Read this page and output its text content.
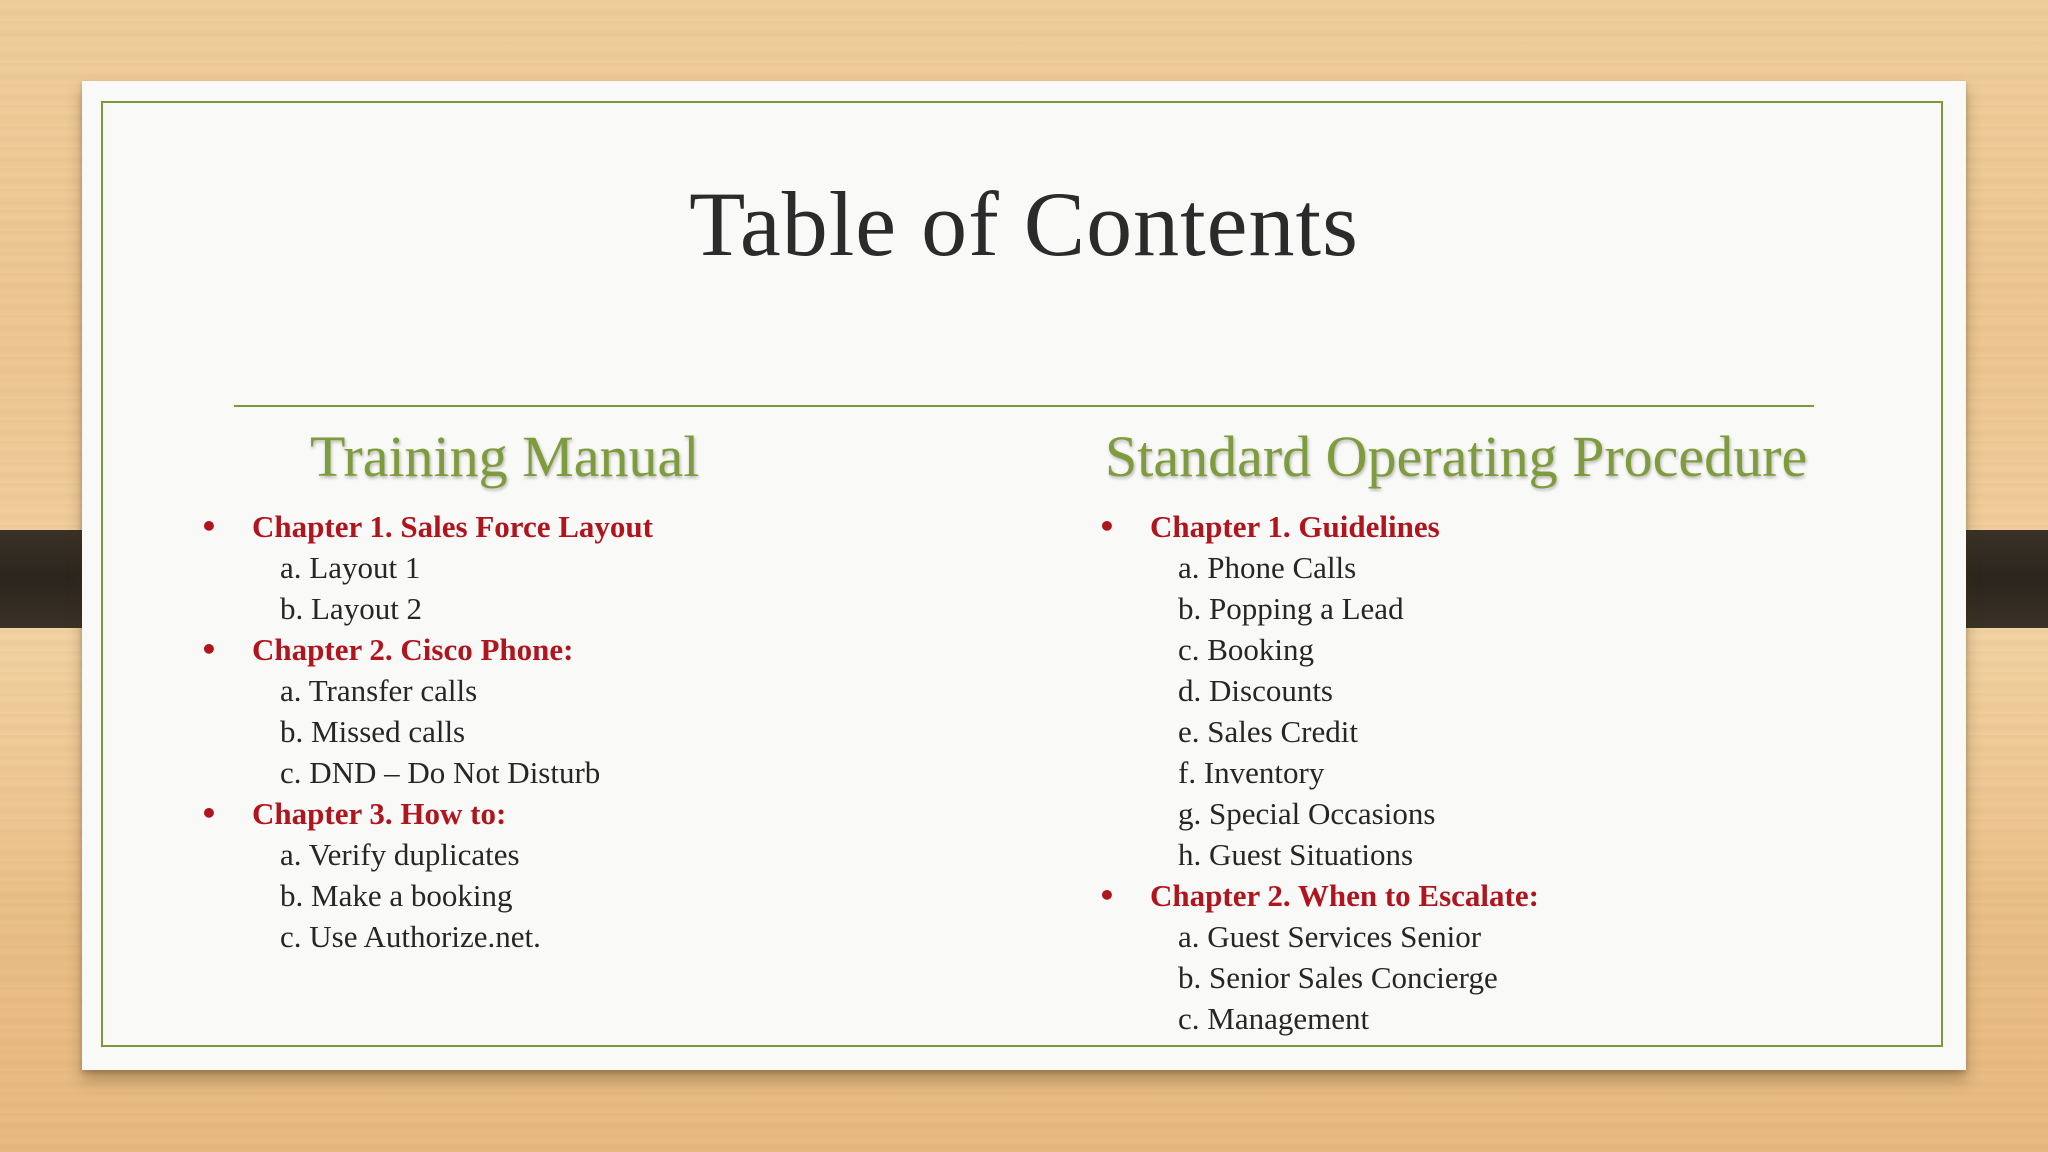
Table of Contents
Training Manual	Standard Operating Procedure
• Chapter 1. Sales Force Layout
a. Layout 1
b. Layout 2
• Chapter 2. Cisco Phone:
a. Transfer calls
b. Missed calls
c. DND – Do Not Disturb
• Chapter 3. How to:
a. Verify duplicates
b. Make a booking
c. Use Authorize.net.
• Chapter 1. Guidelines
a. Phone Calls
b. Popping a Lead
c. Booking
d. Discounts
e. Sales Credit
f. Inventory
g. Special Occasions
h. Guest Situations
• Chapter 2. When to Escalate:
a. Guest Services Senior
b. Senior Sales Concierge
c. Management
